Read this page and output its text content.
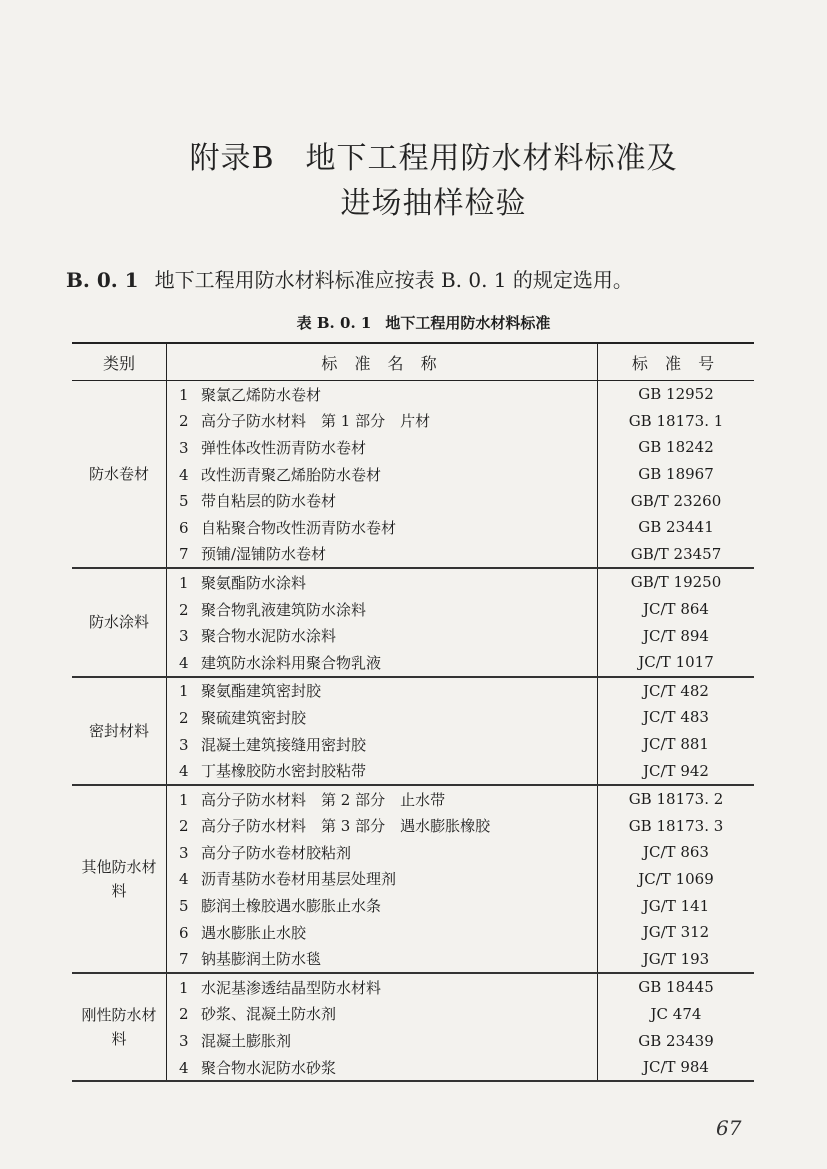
附录B　地下工程用防水材料标准及
进场抽样检验
B. 0. 1 地下工程用防水材料标准应按表 B. 0. 1 的规定选用。
表 B. 0. 1 地下工程用防水材料标准
类别	标 准 名 称	标 准 号
防水卷材	1 聚氯乙烯防水卷材	GB 12952
	2 高分子防水材料　第 1 部分　片材	GB 18173. 1
	3 弹性体改性沥青防水卷材	GB 18242
	4 改性沥青聚乙烯胎防水卷材	GB 18967
	5 带自粘层的防水卷材	GB/T 23260
	6 自粘聚合物改性沥青防水卷材	GB 23441
	7 预铺/湿铺防水卷材	GB/T 23457
防水涂料	1 聚氨酯防水涂料	GB/T 19250
	2 聚合物乳液建筑防水涂料	JC/T 864
	3 聚合物水泥防水涂料	JC/T 894
	4 建筑防水涂料用聚合物乳液	JC/T 1017
密封材料	1 聚氨酯建筑密封胶	JC/T 482
	2 聚硫建筑密封胶	JC/T 483
	3 混凝土建筑接缝用密封胶	JC/T 881
	4 丁基橡胶防水密封胶粘带	JC/T 942
其他防水材料	1 高分子防水材料　第 2 部分　止水带	GB 18173. 2
	2 高分子防水材料　第 3 部分　遇水膨胀橡胶	GB 18173. 3
	3 高分子防水卷材胶粘剂	JC/T 863
	4 沥青基防水卷材用基层处理剂	JC/T 1069
	5 膨润土橡胶遇水膨胀止水条	JG/T 141
	6 遇水膨胀止水胶	JG/T 312
	7 钠基膨润土防水毯	JG/T 193
刚性防水材料	1 水泥基渗透结晶型防水材料	GB 18445
	2 砂浆、混凝土防水剂	JC 474
	3 混凝土膨胀剂	GB 23439
	4 聚合物水泥防水砂浆	JC/T 984
67
